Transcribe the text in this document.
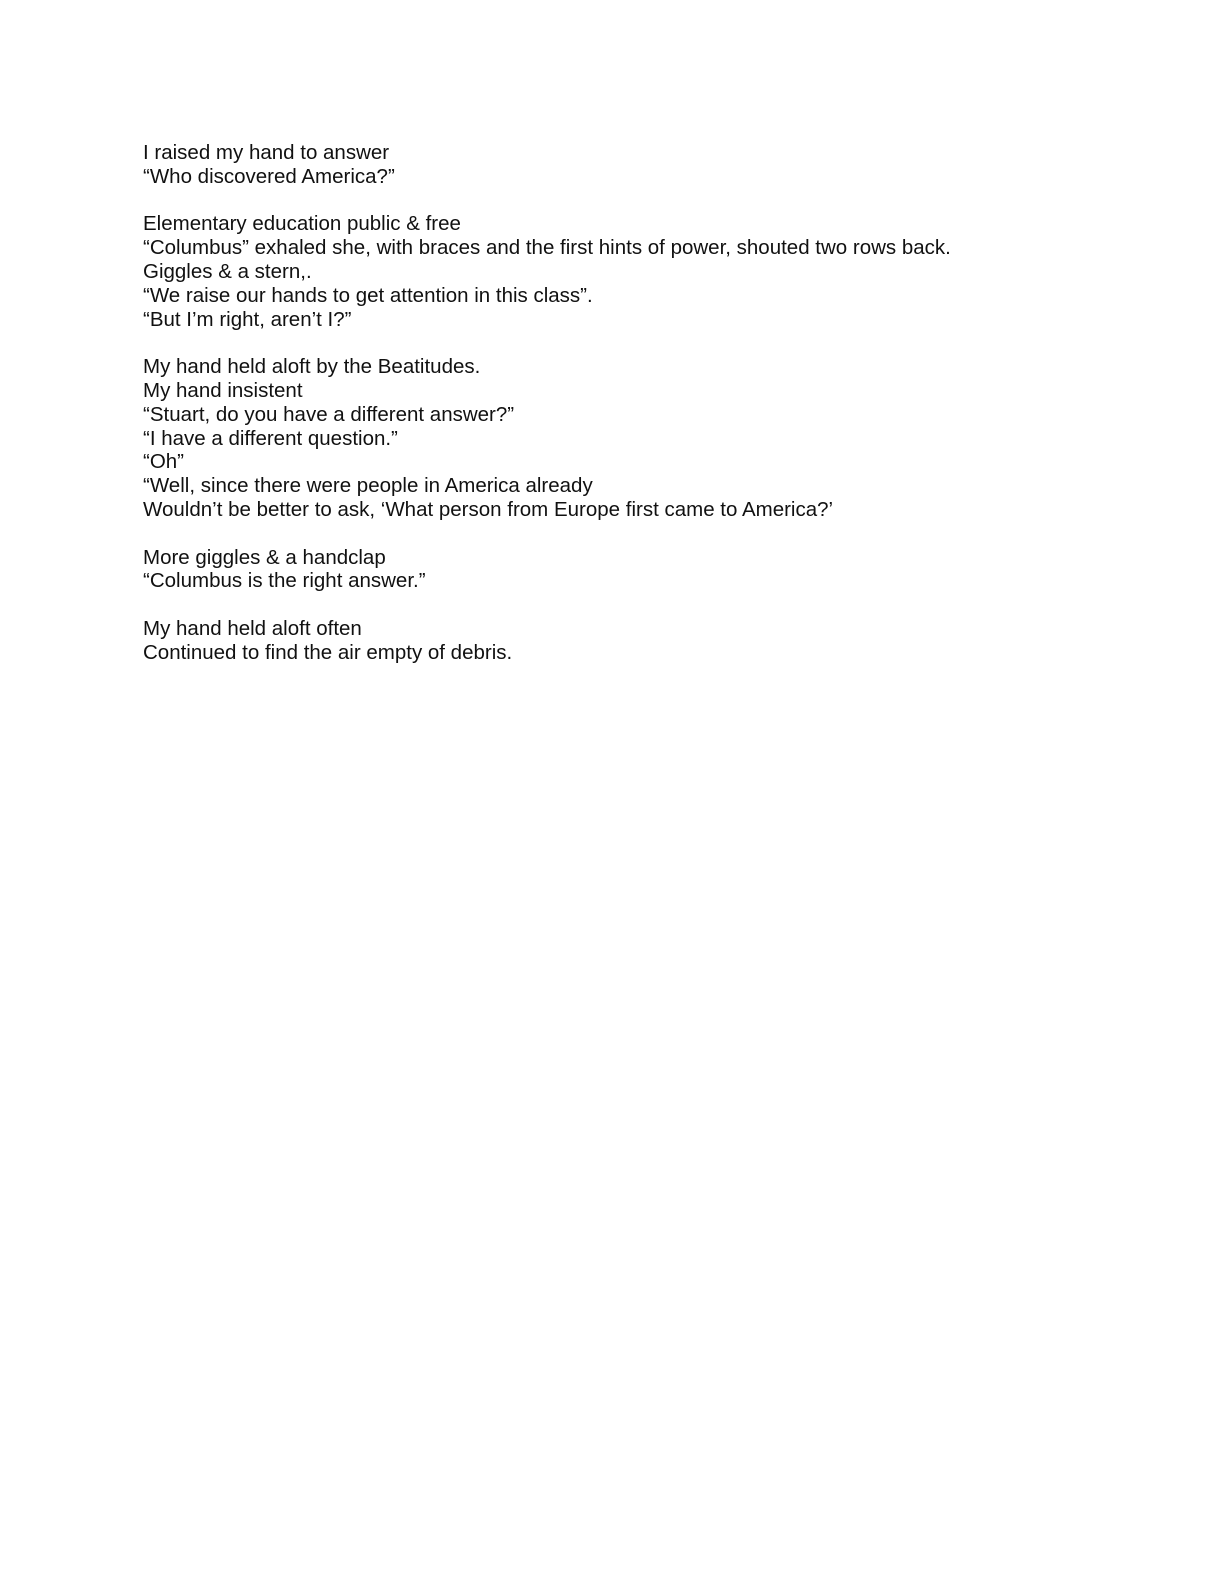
I raised my hand to answer
“Who discovered America?”
Elementary education public & free
“Columbus” exhaled she, with braces and the first hints of power, shouted two rows back.
Giggles & a stern,.
“We raise our hands to get attention in this class”.
“But I’m right, aren’t I?”
My hand held aloft by the Beatitudes.
My hand insistent
“Stuart, do you have a different answer?”
“I have a different question.”
“Oh”
“Well, since there were people in America already
Wouldn’t be better to ask, ‘What person from Europe first came to America?’
More giggles & a handclap
“Columbus is the right answer.”
My hand held aloft often
Continued to find the air empty of debris.
